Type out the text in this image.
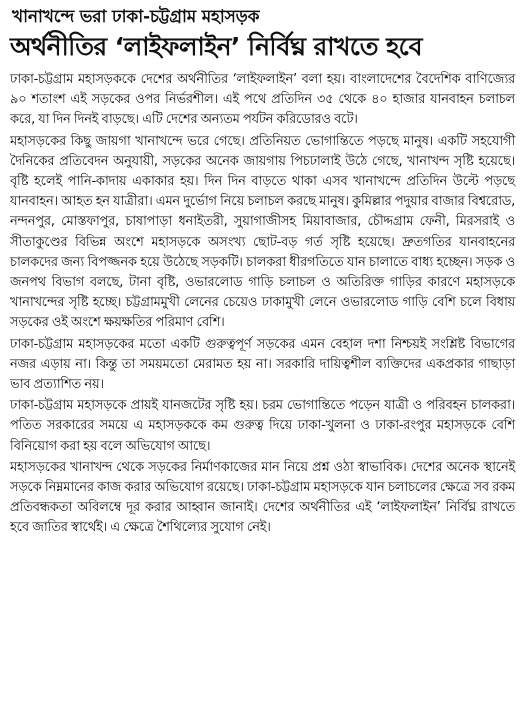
খানাখন্দে ভরা ঢাকা-চট্টগ্রাম মহাসড়ক
অর্থনীতির ‘লাইফলাইন’ নির্বিঘ্ন রাখতে হবে

ঢাকা-চট্টগ্রাম মহাসড়ককে দেশের অর্থনীতির ‘লাইফলাইন’ বলা হয়। বাংলাদেশের বৈদেশিক বাণিজ্যের ৯০ শতাংশ এই সড়কের ওপর নির্ভরশীল। এই পথে প্রতিদিন ৩৫ থেকে ৪০ হাজার যানবাহন চলাচল করে, যা দিন দিনই বাড়ছে। এটি দেশের অন্যতম পর্যটন করিডোরও বটে।

মহাসড়কের কিছু জায়গা খানাখন্দে ভরে গেছে। প্রতিনিয়ত ভোগান্তিতে পড়ছে মানুষ। একটি সহযোগী দৈনিকের প্রতিবেদন অনুযায়ী, সড়কের অনেক জায়গায় পিচঢালাই উঠে গেছে, খানাখন্দ সৃষ্টি হয়েছে। বৃষ্টি হলেই পানি-কাদায় একাকার হয়। দিন দিন বাড়তে থাকা এসব খানাখন্দে প্রতিদিন উল্টে পড়ছে যানবাহন। আহত হন যাত্রীরা। এমন দুর্ভোগ নিয়ে চলাচল করছে মানুষ। কুমিল্লার পদুয়ার বাজার বিশ্বরোড, নন্দনপুর, মোস্তফাপুর, চাষাপাড়া ধনাইতরী, সুয়াগাজীসহ মিয়াবাজার, চৌদ্দগ্রাম ফেনী, মিরসরাই ও সীতাকুণ্ডের বিভিন্ন অংশে মহাসড়কে অসংখ্য ছোট-বড় গর্ত সৃষ্টি হয়েছে। দ্রুতগতির যানবাহনের চালকদের জন্য বিপজ্জনক হয়ে উঠেছে সড়কটি। চালকরা ধীরগতিতে যান চালাতে বাধ্য হচ্ছেন। সড়ক ও জনপথ বিভাগ বলছে, টানা বৃষ্টি, ওভারলোড গাড়ি চলাচল ও অতিরিক্ত গাড়ির কারণে মহাসড়কে খানাখন্দের সৃষ্টি হচ্ছে। চট্টগ্রামমুখী লেনের চেয়েও ঢাকামুখী লেনে ওভারলোড গাড়ি বেশি চলে বিধায় সড়কের ওই অংশে ক্ষয়ক্ষতির পরিমাণ বেশি।

ঢাকা-চট্টগ্রাম মহাসড়কের মতো একটি গুরুত্বপূর্ণ সড়কের এমন বেহাল দশা নিশ্চয়ই সংশ্লিষ্ট বিভাগের নজর এড়ায় না। কিন্তু তা সময়মতো মেরামত হয় না। সরকারি দায়িত্বশীল ব্যক্তিদের একপ্রকার গাছাড়া ভাব প্রত্যাশিত নয়।

ঢাকা-চট্টগ্রাম মহাসড়কে প্রায়ই যানজটের সৃষ্টি হয়। চরম ভোগান্তিতে পড়েন যাত্রী ও পরিবহন চালকরা। পতিত সরকারের সময়ে এ মহাসড়ককে কম গুরুত্ব দিয়ে ঢাকা-খুলনা ও ঢাকা-রংপুর মহাসড়কে বেশি বিনিয়োগ করা হয় বলে অভিযোগ আছে।

মহাসড়কের খানাখন্দ থেকে সড়কের নির্মাণকাজের মান নিয়ে প্রশ্ন ওঠা স্বাভাবিক। দেশের অনেক স্থানেই সড়কে নিম্নমানের কাজ করার অভিযোগ রয়েছে। ঢাকা-চট্টগ্রাম মহাসড়কে যান চলাচলের ক্ষেত্রে সব রকম প্রতিবন্ধকতা অবিলম্বে দূর করার আহ্বান জানাই। দেশের অর্থনীতির এই ‘লাইফলাইন’ নির্বিঘ্ন রাখতে হবে জাতির স্বার্থেই। এ ক্ষেত্রে শৈথিল্যের সুযোগ নেই।
